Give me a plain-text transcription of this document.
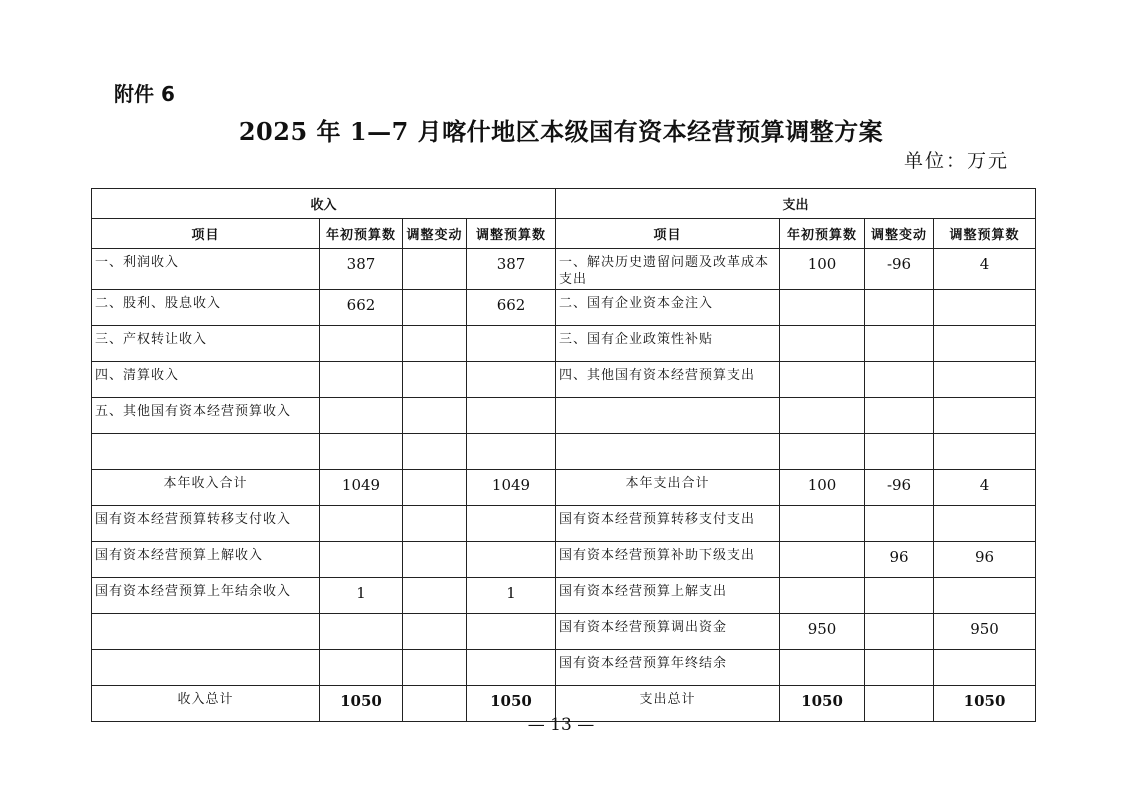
附件 6
2025 年 1—7 月喀什地区本级国有资本经营预算调整方案
单位：万元
收入				支出			
项目	年初预算数	调整变动	调整预算数	项目	年初预算数	调整变动	调整预算数
一、利润收入	387		387	一、解决历史遗留问题及改革成本支出	100	-96	4
二、股利、股息收入	662		662	二、国有企业资本金注入			
三、产权转让收入				三、国有企业政策性补贴			
四、清算收入				四、其他国有资本经营预算支出			
五、其他国有资本经营预算收入							

本年收入合计	1049		1049	本年支出合计	100	-96	4
国有资本经营预算转移支付收入				国有资本经营预算转移支付支出			
国有资本经营预算上解收入				国有资本经营预算补助下级支出		96	96
国有资本经营预算上年结余收入	1		1	国有资本经营预算上解支出			
				国有资本经营预算调出资金	950		950
				国有资本经营预算年终结余			
收入总计	1050		1050	支出总计	1050		1050
— 13 —
